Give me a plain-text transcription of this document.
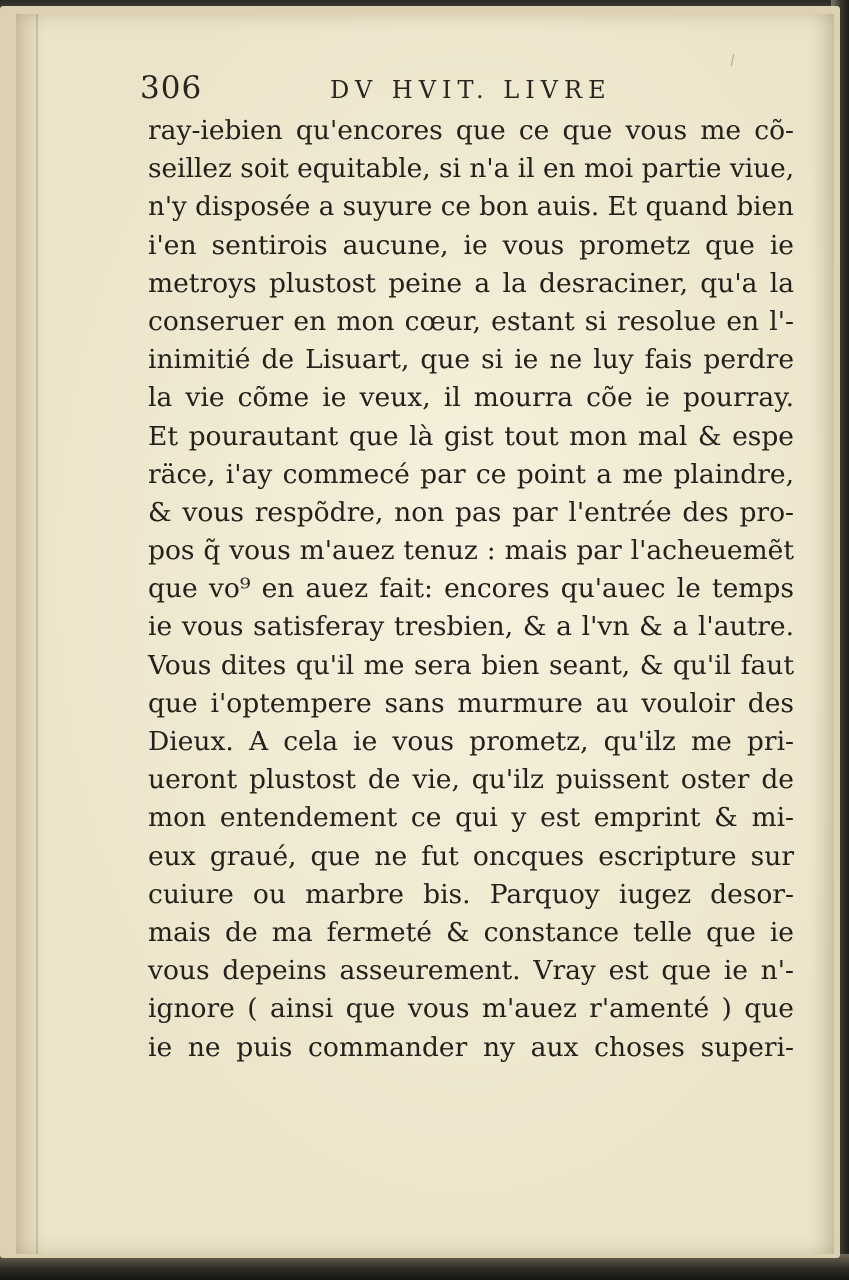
306	DV HVIT. LIVRE
ray-iebien qu'encores que ce que vous me cõ-
seillez soit equitable, si n'a il en moi partie viue,
n'y disposée a suyure ce bon auis. Et quand bien
i'en sentirois aucune, ie vous prometz que ie
metroys plustost peine a la desraciner, qu'a la
conseruer en mon cœur, estant si resolue en l'-
inimitié de Lisuart, que si ie ne luy fais perdre
la vie cõme ie veux, il mourra cõe ie pourray.
Et pourautant que là gist tout mon mal & espe
räce, i'ay commecé par ce point a me plaindre,
& vous respõdre, non pas par l'entrée des pro-
pos q̃ vous m'auez tenuz : mais par l'acheuemẽt
que vo⁹ en auez fait: encores qu'auec le temps
ie vous satisferay tresbien, & a l'vn & a l'autre.
Vous dites qu'il me sera bien seant, & qu'il faut
que i'optempere sans murmure au vouloir des
Dieux. A cela ie vous prometz, qu'ilz me pri-
ueront plustost de vie, qu'ilz puissent oster de
mon entendement ce qui y est emprint & mi-
eux graué, que ne fut oncques escripture sur
cuiure ou marbre bis. Parquoy iugez desor-
mais de ma fermeté & constance telle que ie
vous depeins asseurement. Vray est que ie n'-
ignore ( ainsi que vous m'auez r'amenté ) que
ie ne puis commander ny aux choses superi-
